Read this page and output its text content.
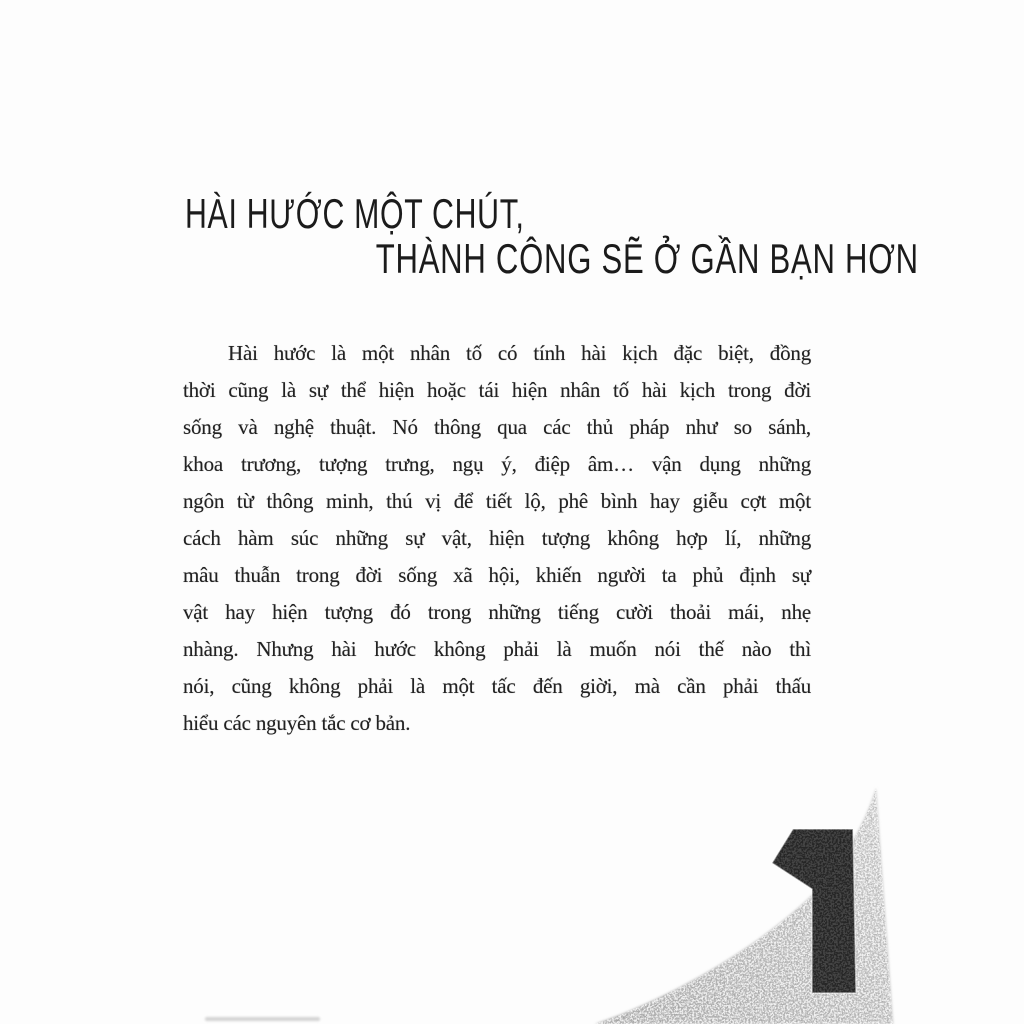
HÀI HƯỚC MỘT CHÚT,
THÀNH CÔNG SẼ Ở GẦN BẠN HƠN
Hài hước là một nhân tố có tính hài kịch đặc biệt, đồng
thời cũng là sự thể hiện hoặc tái hiện nhân tố hài kịch trong đời
sống và nghệ thuật. Nó thông qua các thủ pháp như so sánh,
khoa trương, tượng trưng, ngụ ý, điệp âm… vận dụng những
ngôn từ thông minh, thú vị để tiết lộ, phê bình hay giễu cợt một
cách hàm súc những sự vật, hiện tượng không hợp lí, những
mâu thuẫn trong đời sống xã hội, khiến người ta phủ định sự
vật hay hiện tượng đó trong những tiếng cười thoải mái, nhẹ
nhàng. Nhưng hài hước không phải là muốn nói thế nào thì
nói, cũng không phải là một tấc đến giời, mà cần phải thấu
hiểu các nguyên tắc cơ bản.
